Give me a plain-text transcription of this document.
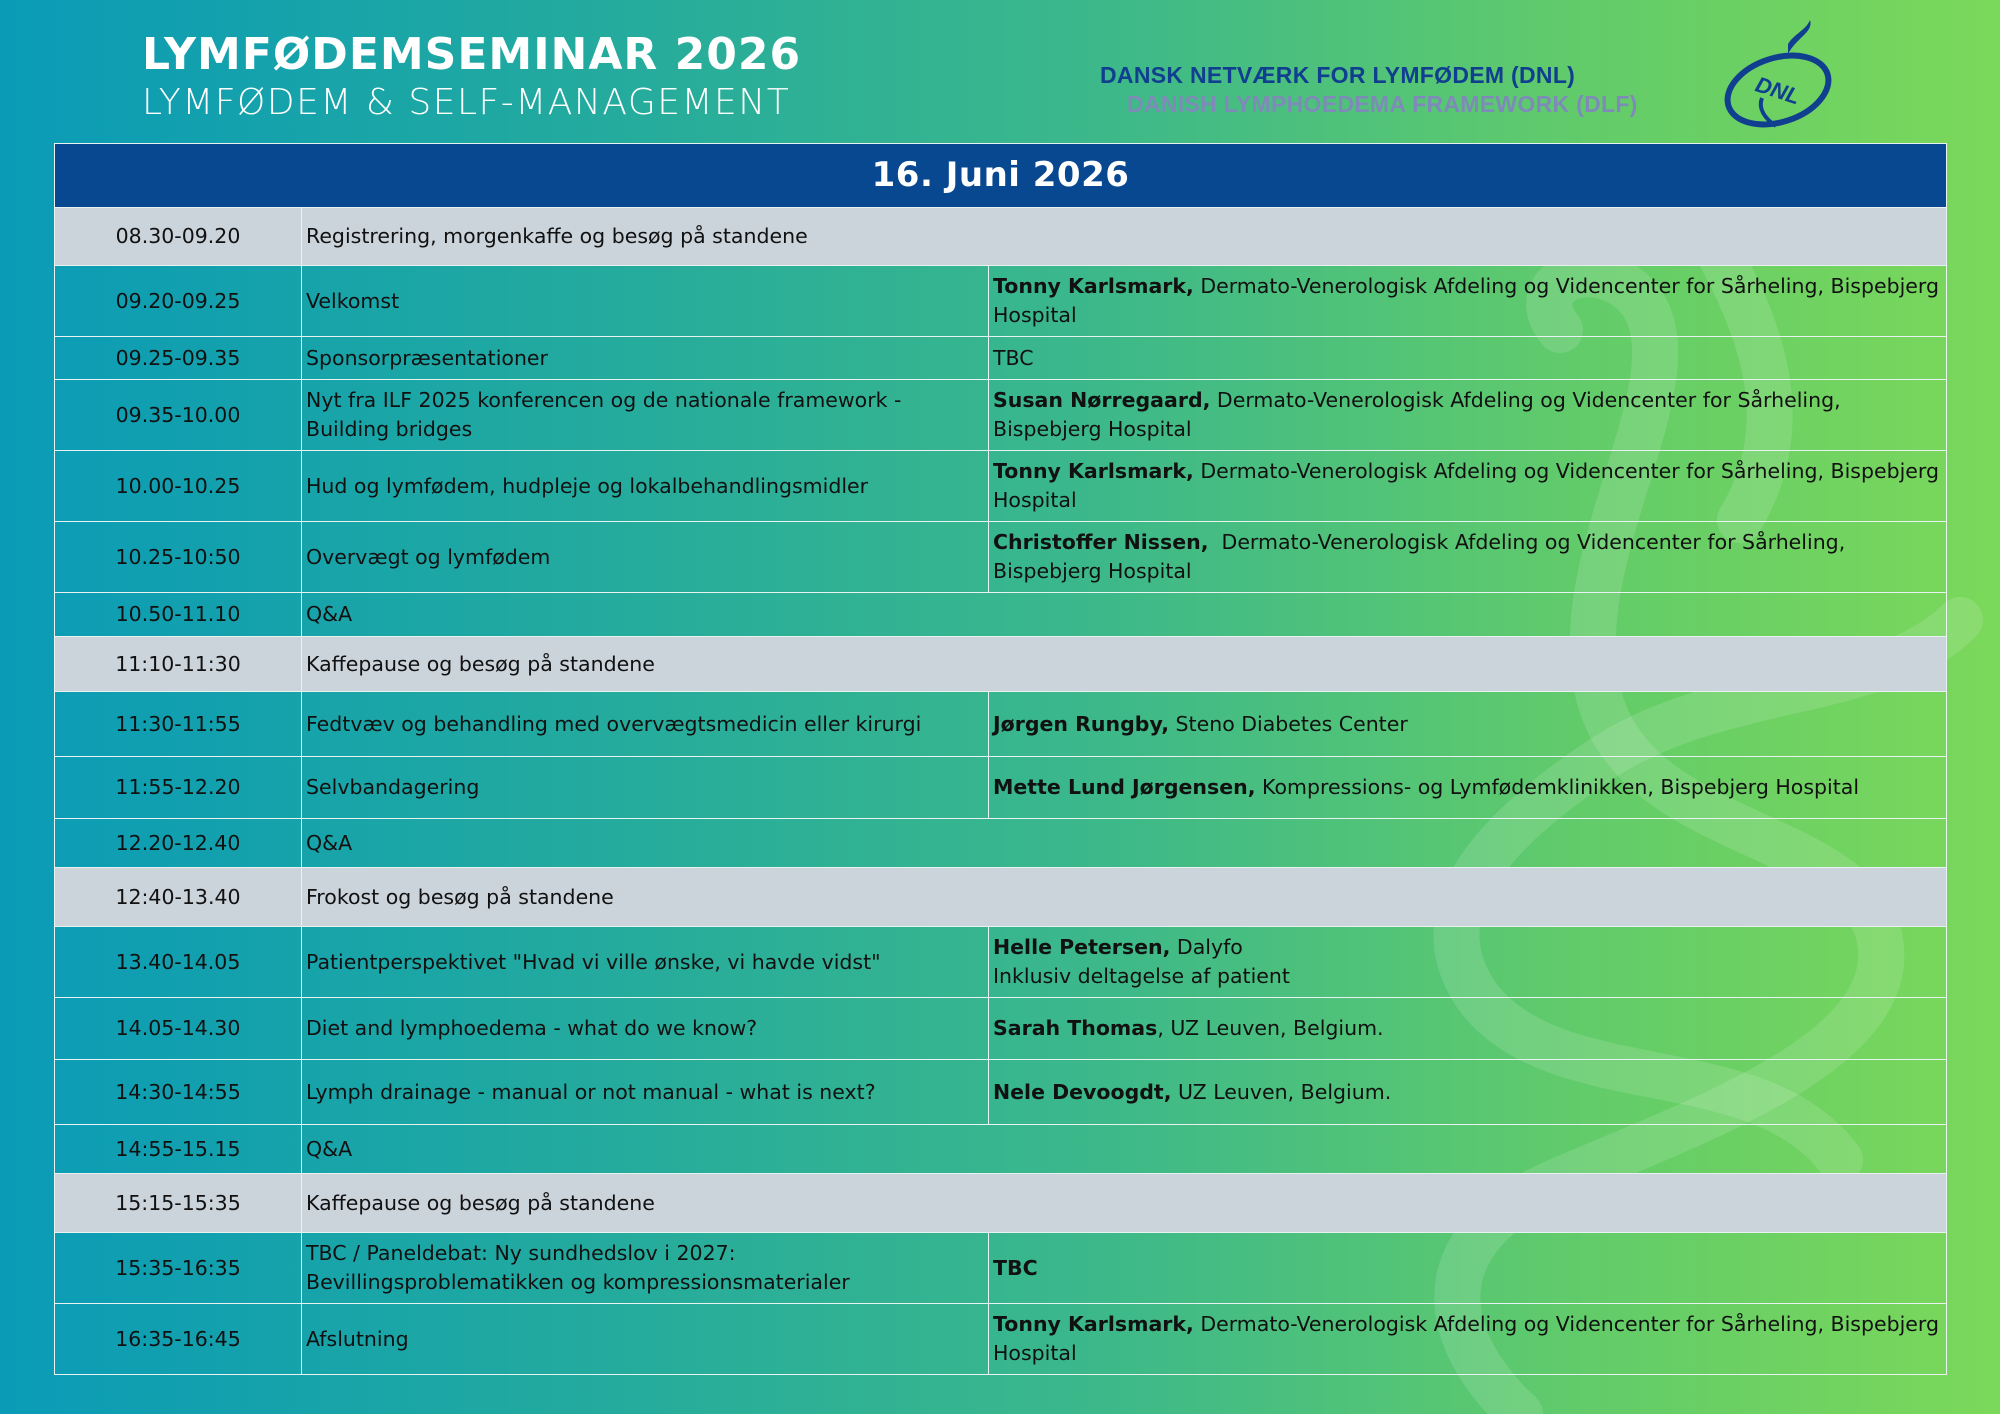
LYMFØDEMSEMINAR 2026
LYMFØDEM & SELF-MANAGEMENT
DANSK NETVÆRK FOR LYMFØDEM (DNL)
DANISH LYMPHOEDEMA FRAMEWORK (DLF)	DNL
16. Juni 2026		
08.30-09.20	Registrering, morgenkaffe og besøg på standene	
09.20-09.25	Velkomst	Tonny Karlsmark, Dermato-Venerologisk Afdeling og Videncenter for Sårheling, Bispebjerg Hospital
09.25-09.35	Sponsorpræsentationer	TBC
09.35-10.00	Nyt fra ILF 2025 konferencen og de nationale framework - Building bridges	Susan Nørregaard, Dermato-Venerologisk Afdeling og Videncenter for Sårheling, Bispebjerg Hospital
10.00-10.25	Hud og lymfødem, hudpleje og lokalbehandlingsmidler	Tonny Karlsmark, Dermato-Venerologisk Afdeling og Videncenter for Sårheling, Bispebjerg Hospital
10.25-10:50	Overvægt og lymfødem	Christoffer Nissen,  Dermato-Venerologisk Afdeling og Videncenter for Sårheling, Bispebjerg Hospital
10.50-11.10	Q&A	
11:10-11:30	Kaffepause og besøg på standene	
11:30-11:55	Fedtvæv og behandling med overvægtsmedicin eller kirurgi	Jørgen Rungby, Steno Diabetes Center
11:55-12.20	Selvbandagering	Mette Lund Jørgensen, Kompressions- og Lymfødemklinikken, Bispebjerg Hospital
12.20-12.40	Q&A	
12:40-13.40	Frokost og besøg på standene	
13.40-14.05	Patientperspektivet "Hvad vi ville ønske, vi havde vidst"	Helle Petersen, Dalyfo
Inklusiv deltagelse af patient
14.05-14.30	Diet and lymphoedema - what do we know?	Sarah Thomas, UZ Leuven, Belgium.
14:30-14:55	Lymph drainage - manual or not manual - what is next?	Nele Devoogdt, UZ Leuven, Belgium.
14:55-15.15	Q&A	
15:15-15:35	Kaffepause og besøg på standene	
15:35-16:35	TBC / Paneldebat: Ny sundhedslov i 2027: Bevillingsproblematikken og kompressionsmaterialer	TBC
16:35-16:45	Afslutning	Tonny Karlsmark, Dermato-Venerologisk Afdeling og Videncenter for Sårheling, Bispebjerg Hospital
